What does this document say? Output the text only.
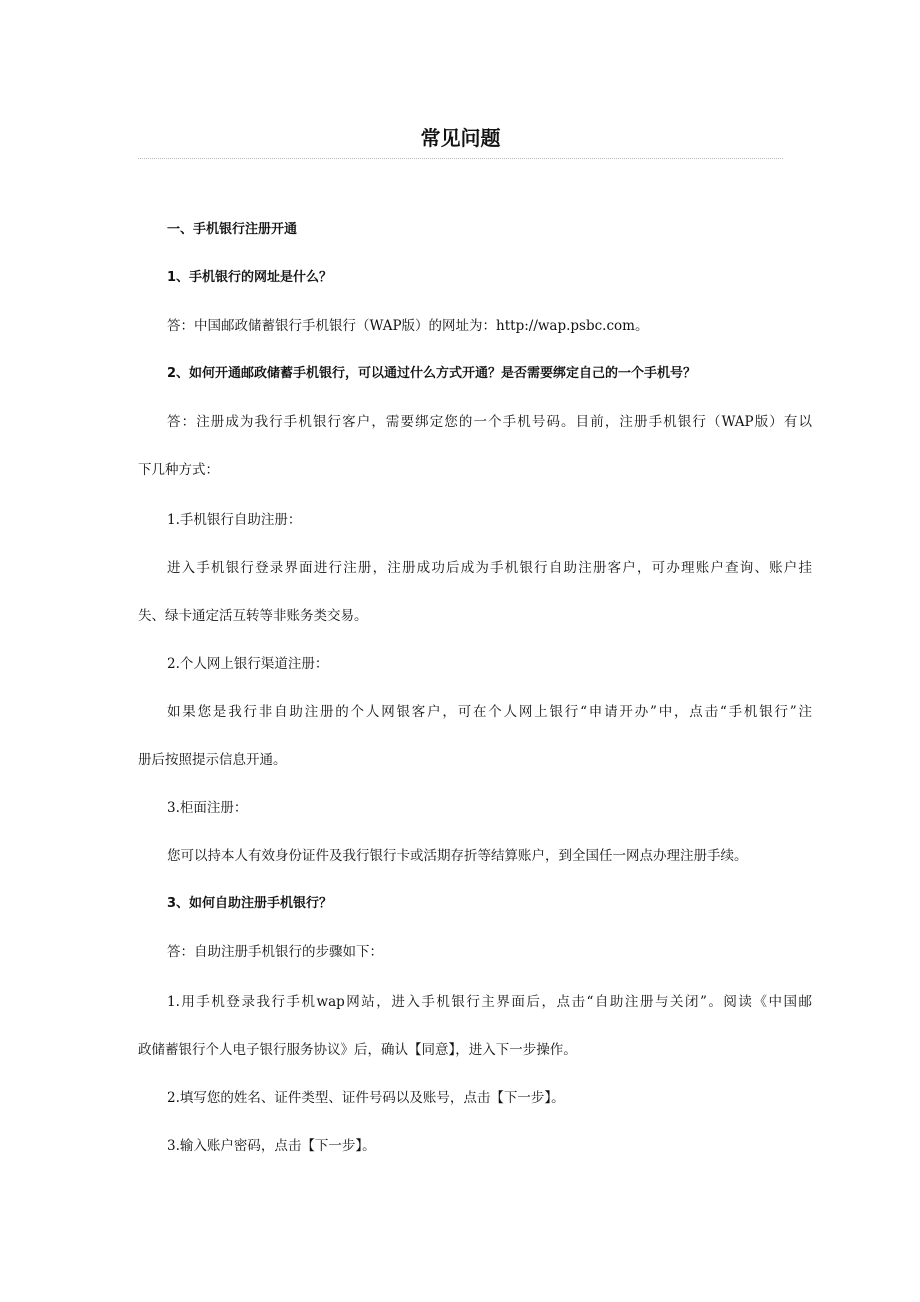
常见问题
一、手机银行注册开通
1、手机银行的网址是什么？
答：中国邮政储蓄银行手机银行（WAP版）的网址为：http://wap.psbc.com。
2、如何开通邮政储蓄手机银行，可以通过什么方式开通？是否需要绑定自己的一个手机号？
答：注册成为我行手机银行客户，需要绑定您的一个手机号码。目前，注册手机银行（WAP版）有以
下几种方式：
1.手机银行自助注册：
进入手机银行登录界面进行注册，注册成功后成为手机银行自助注册客户，可办理账户查询、账户挂
失、绿卡通定活互转等非账务类交易。
2.个人网上银行渠道注册：
如果您是我行非自助注册的个人网银客户，可在个人网上银行“申请开办”中，点击“手机银行”注
册后按照提示信息开通。
3.柜面注册：
您可以持本人有效身份证件及我行银行卡或活期存折等结算账户，到全国任一网点办理注册手续。
3、如何自助注册手机银行？
答：自助注册手机银行的步骤如下：
1.用手机登录我行手机wap网站，进入手机银行主界面后，点击“自助注册与关闭”。阅读《中国邮
政储蓄银行个人电子银行服务协议》后，确认【同意】，进入下一步操作。
2.填写您的姓名、证件类型、证件号码以及账号，点击【下一步】。
3.输入账户密码，点击【下一步】。
